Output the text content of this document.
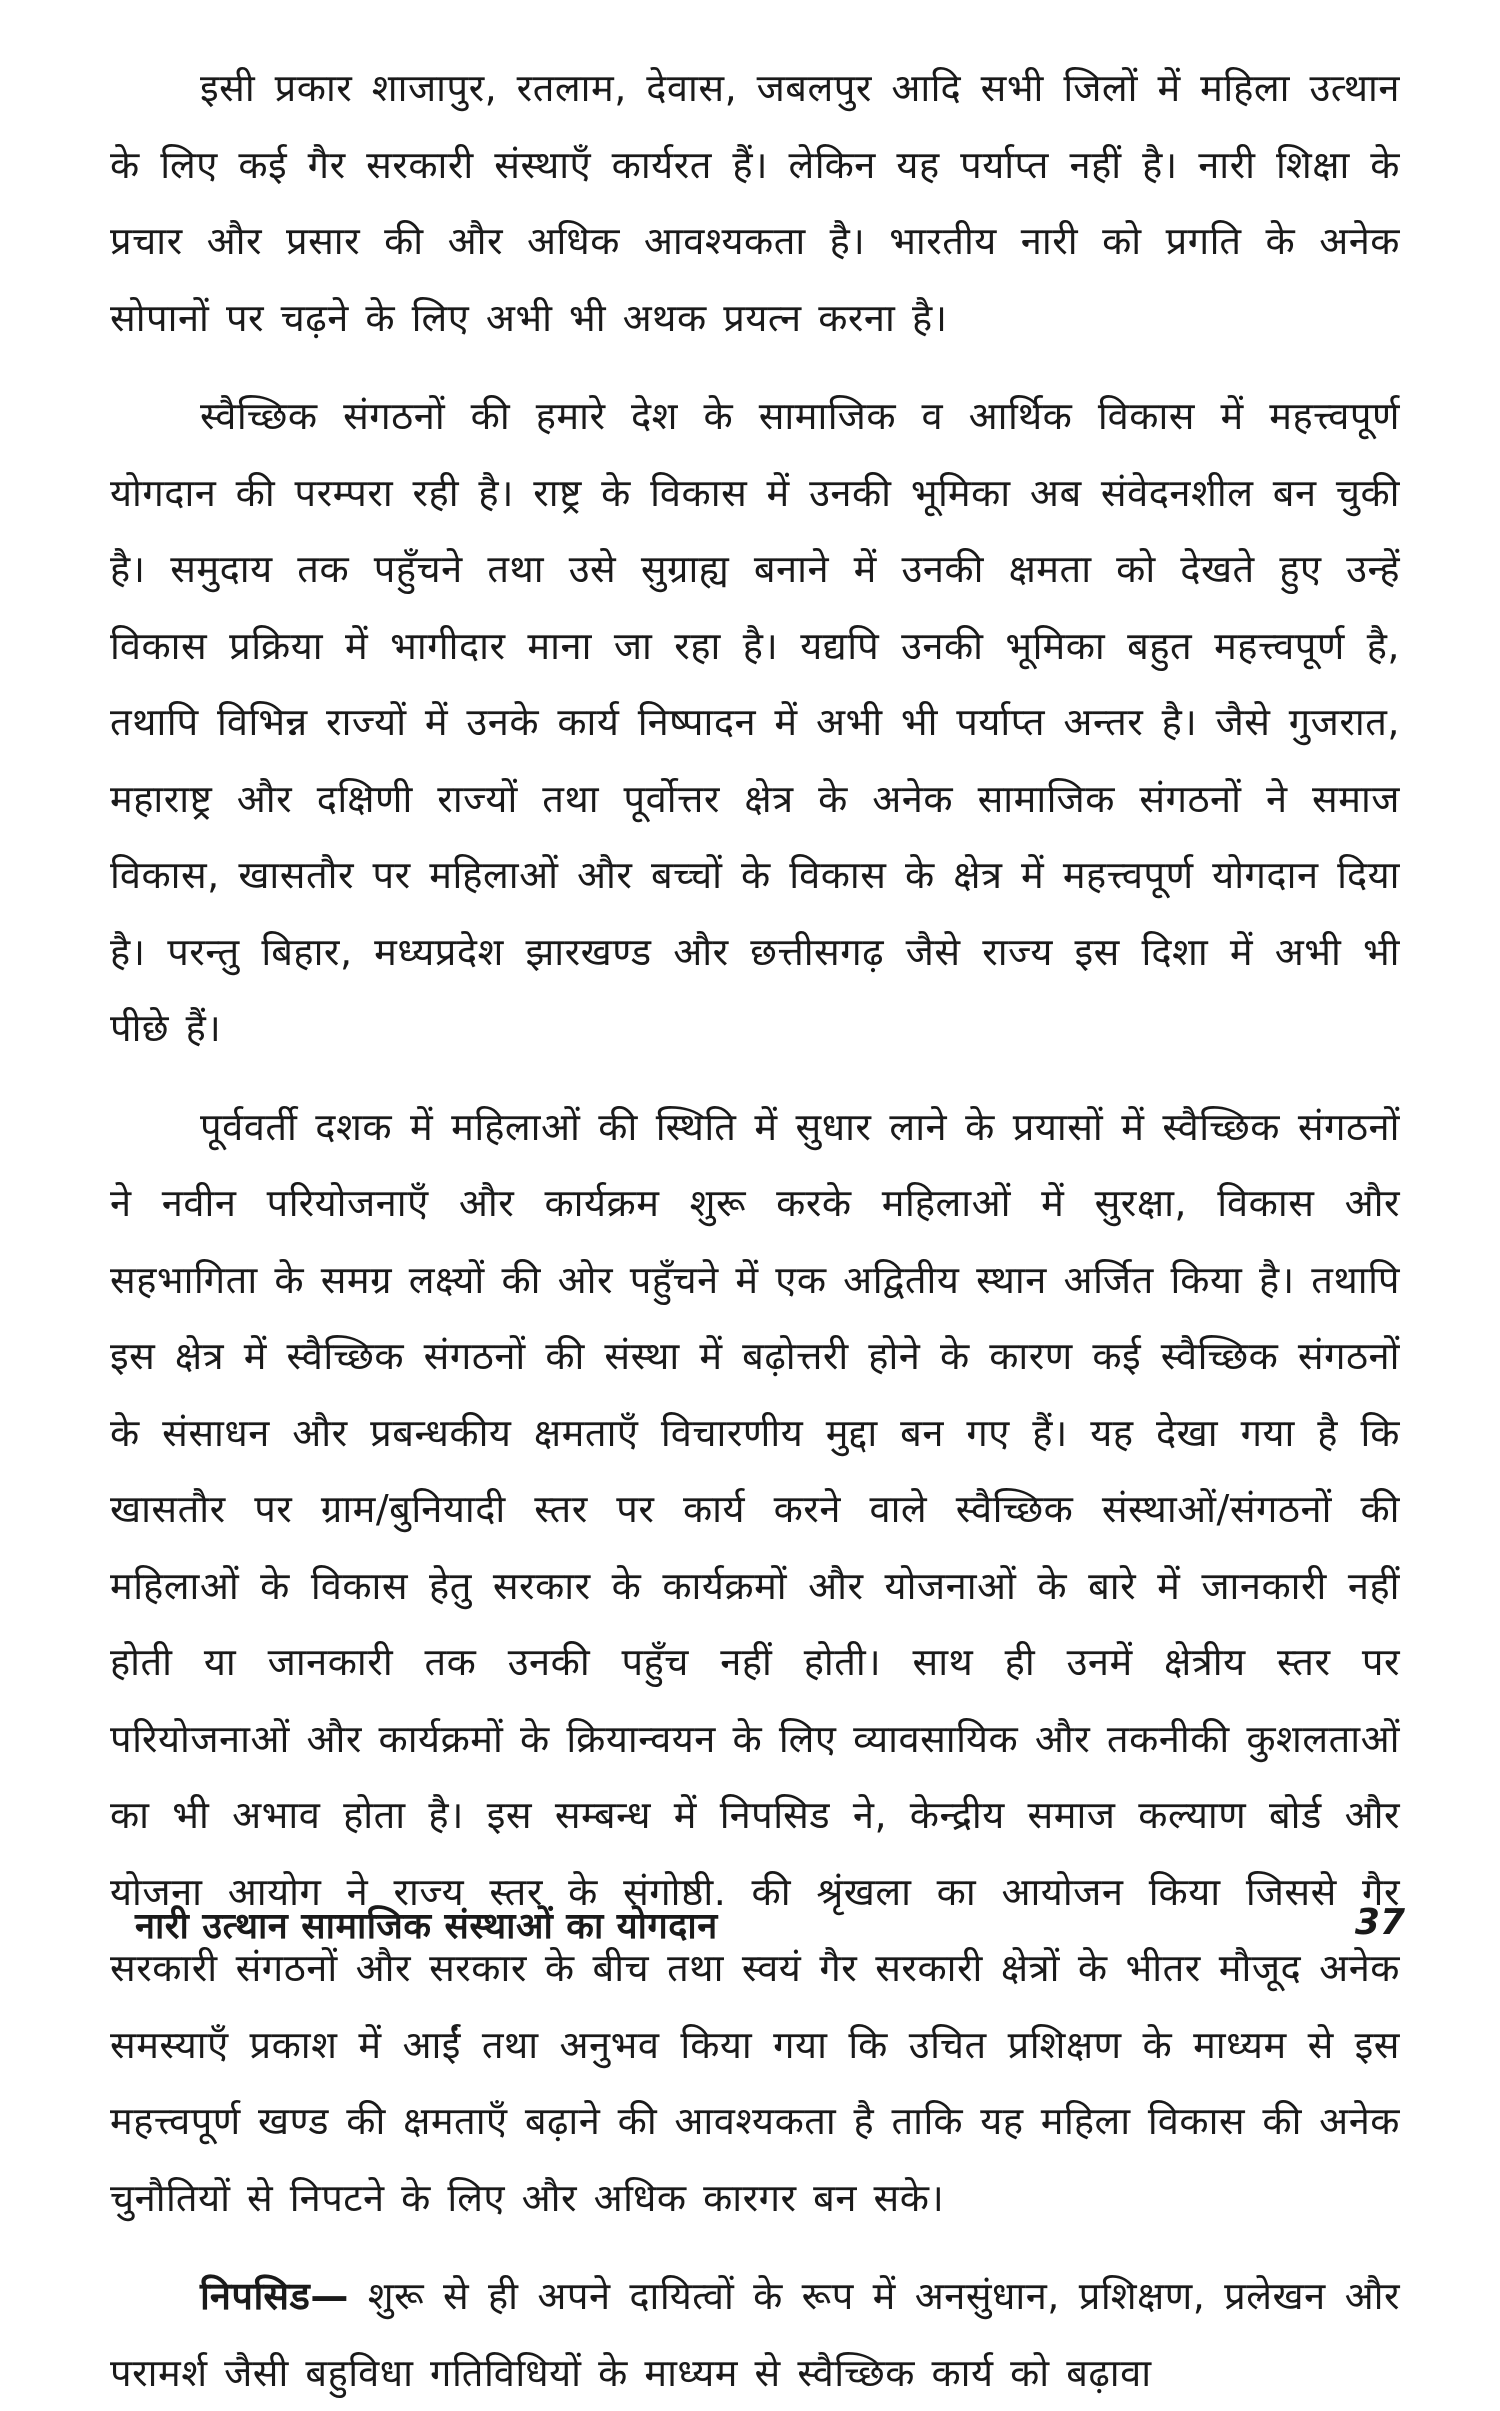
इसी प्रकार शाजापुर, रतलाम, देवास, जबलपुर आदि सभी जिलों में महिला उत्थान के लिए कई गैर सरकारी संस्थाएँ कार्यरत हैं। लेकिन यह पर्याप्त नहीं है। नारी शिक्षा के प्रचार और प्रसार की और अधिक आवश्यकता है। भारतीय नारी को प्रगति के अनेक सोपानों पर चढ़ने के लिए अभी भी अथक प्रयत्न करना है।

स्वैच्छिक संगठनों की हमारे देश के सामाजिक व आर्थिक विकास में महत्त्वपूर्ण योगदान की परम्परा रही है। राष्ट्र के विकास में उनकी भूमिका अब संवेदनशील बन चुकी है। समुदाय तक पहुँचने तथा उसे सुग्राह्य बनाने में उनकी क्षमता को देखते हुए उन्हें विकास प्रक्रिया में भागीदार माना जा रहा है। यद्यपि उनकी भूमिका बहुत महत्त्वपूर्ण है, तथापि विभिन्न राज्यों में उनके कार्य निष्पादन में अभी भी पर्याप्त अन्तर है। जैसे गुजरात, महाराष्ट्र और दक्षिणी राज्यों तथा पूर्वोत्तर क्षेत्र के अनेक सामाजिक संगठनों ने समाज विकास, खासतौर पर महिलाओं और बच्चों के विकास के क्षेत्र में महत्त्वपूर्ण योगदान दिया है। परन्तु बिहार, मध्यप्रदेश झारखण्ड और छत्तीसगढ़ जैसे राज्य इस दिशा में अभी भी पीछे हैं।

पूर्ववर्ती दशक में महिलाओं की स्थिति में सुधार लाने के प्रयासों में स्वैच्छिक संगठनों ने नवीन परियोजनाएँ और कार्यक्रम शुरू करके महिलाओं में सुरक्षा, विकास और सहभागिता के समग्र लक्ष्यों की ओर पहुँचने में एक अद्वितीय स्थान अर्जित किया है। तथापि इस क्षेत्र में स्वैच्छिक संगठनों की संस्था में बढ़ोत्तरी होने के कारण कई स्वैच्छिक संगठनों के संसाधन और प्रबन्धकीय क्षमताएँ विचारणीय मुद्दा बन गए हैं। यह देखा गया है कि खासतौर पर ग्राम/बुनियादी स्तर पर कार्य करने वाले स्वैच्छिक संस्थाओं/संगठनों की महिलाओं के विकास हेतु सरकार के कार्यक्रमों और योजनाओं के बारे में जानकारी नहीं होती या जानकारी तक उनकी पहुँच नहीं होती। साथ ही उनमें क्षेत्रीय स्तर पर परियोजनाओं और कार्यक्रमों के क्रियान्वयन के लिए व्यावसायिक और तकनीकी कुशलताओं का भी अभाव होता है। इस सम्बन्ध में निपसिड ने, केन्द्रीय समाज कल्याण बोर्ड और योजना आयोग ने राज्य स्तर के संगोष्ठी. की श्रृंखला का आयोजन किया जिससे गैर सरकारी संगठनों और सरकार के बीच तथा स्वयं गैर सरकारी क्षेत्रों के भीतर मौजूद अनेक समस्याएँ प्रकाश में आईं तथा अनुभव किया गया कि उचित प्रशिक्षण के माध्यम से इस महत्त्वपूर्ण खण्ड की क्षमताएँ बढ़ाने की आवश्यकता है ताकि यह महिला विकास की अनेक चुनौतियों से निपटने के लिए और अधिक कारगर बन सके।

निपसिड— शुरू से ही अपने दायित्वों के रूप में अनसुंधान, प्रशिक्षण, प्रलेखन और परामर्श जैसी बहुविधा गतिविधियों के माध्यम से स्वैच्छिक कार्य को बढ़ावा

नारी उत्थान सामाजिक संस्थाओं का योगदान	37
